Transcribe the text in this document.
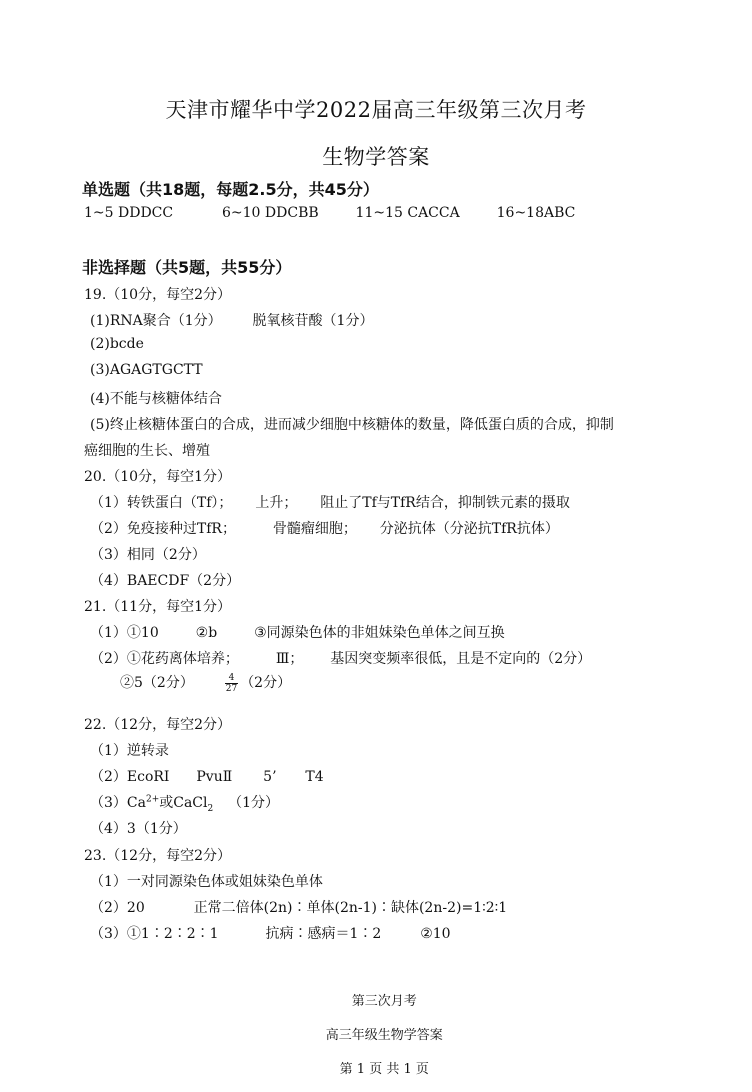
天津市耀华中学2022届高三年级第三次月考
生物学答案
单选题（共18题，每题2.5分，共45分）
1~5 DDDCC	6~10 DDCBB	11~15 CACCA	16~18ABC
非选择题（共5题，共55分）
19.（10分，每空2分）
(1)RNA聚合（1分） 脱氧核苷酸（1分）
(2)bcde
(3)AGAGTGCTT
(4)不能与核糖体结合
(5)终止核糖体蛋白的合成，进而减少细胞中核糖体的数量，降低蛋白质的合成，抑制
癌细胞的生长、增殖
20.（10分，每空1分）
（1）转铁蛋白（Tf）； 上升； 阻止了Tf与TfR结合，抑制铁元素的摄取
（2）免疫接种过TfR；	骨髓瘤细胞； 分泌抗体（分泌抗TfR抗体）
（3）相同（2分）
（4）BAECDF（2分）
21.（11分，每空1分）
（1）①10	②b	③同源染色体的非姐妹染色单体之间互换
（2）①花药离体培养；	Ⅲ； 基因突变频率很低，且是不定向的（2分）
②5（2分）	$\frac{4}{27} (2$分）
22.（12分，每空2分）
（1）逆转录
（2）EcoRⅠ PvuⅡ 5’ T4
$(3)Ca^{2+}$或CaCl$_2$ （1分）
（4）3（1分）
23.（12分，每空2分）
（1）一对同源染色体或姐妹染色单体
（2）20	正常二倍体(2n)∶单体(2n-1)∶缺体(2n-2)=1∶2∶1
（3）①1∶2∶2∶1	抗病∶感病＝1∶2	②10

第三次月考

高三年级生物学答案

第 1 页 共 1 页
